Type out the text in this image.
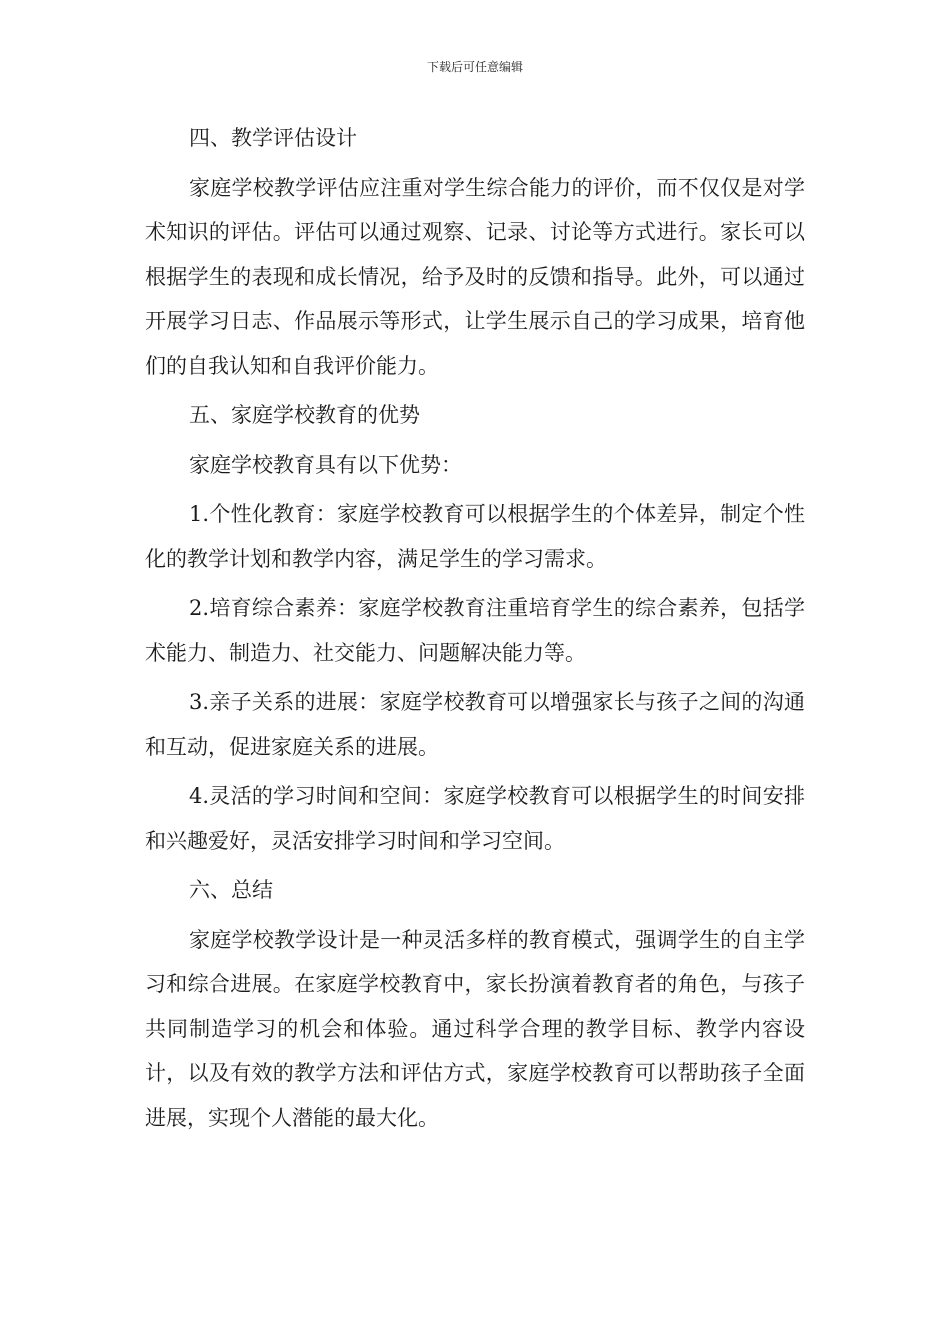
下载后可任意编辑

四、教学评估设计

家庭学校教学评估应注重对学生综合能力的评价，而不仅仅是对学术知识的评估。评估可以通过观察、记录、讨论等方式进行。家长可以根据学生的表现和成长情况，给予及时的反馈和指导。此外，可以通过开展学习日志、作品展示等形式，让学生展示自己的学习成果，培育他们的自我认知和自我评价能力。

五、家庭学校教育的优势

家庭学校教育具有以下优势：

1.个性化教育：家庭学校教育可以根据学生的个体差异，制定个性化的教学计划和教学内容，满足学生的学习需求。

2.培育综合素养：家庭学校教育注重培育学生的综合素养，包括学术能力、制造力、社交能力、问题解决能力等。

3.亲子关系的进展：家庭学校教育可以增强家长与孩子之间的沟通和互动，促进家庭关系的进展。

4.灵活的学习时间和空间：家庭学校教育可以根据学生的时间安排和兴趣爱好，灵活安排学习时间和学习空间。

六、总结

家庭学校教学设计是一种灵活多样的教育模式，强调学生的自主学习和综合进展。在家庭学校教育中，家长扮演着教育者的角色，与孩子共同制造学习的机会和体验。通过科学合理的教学目标、教学内容设计，以及有效的教学方法和评估方式，家庭学校教育可以帮助孩子全面进展，实现个人潜能的最大化。
